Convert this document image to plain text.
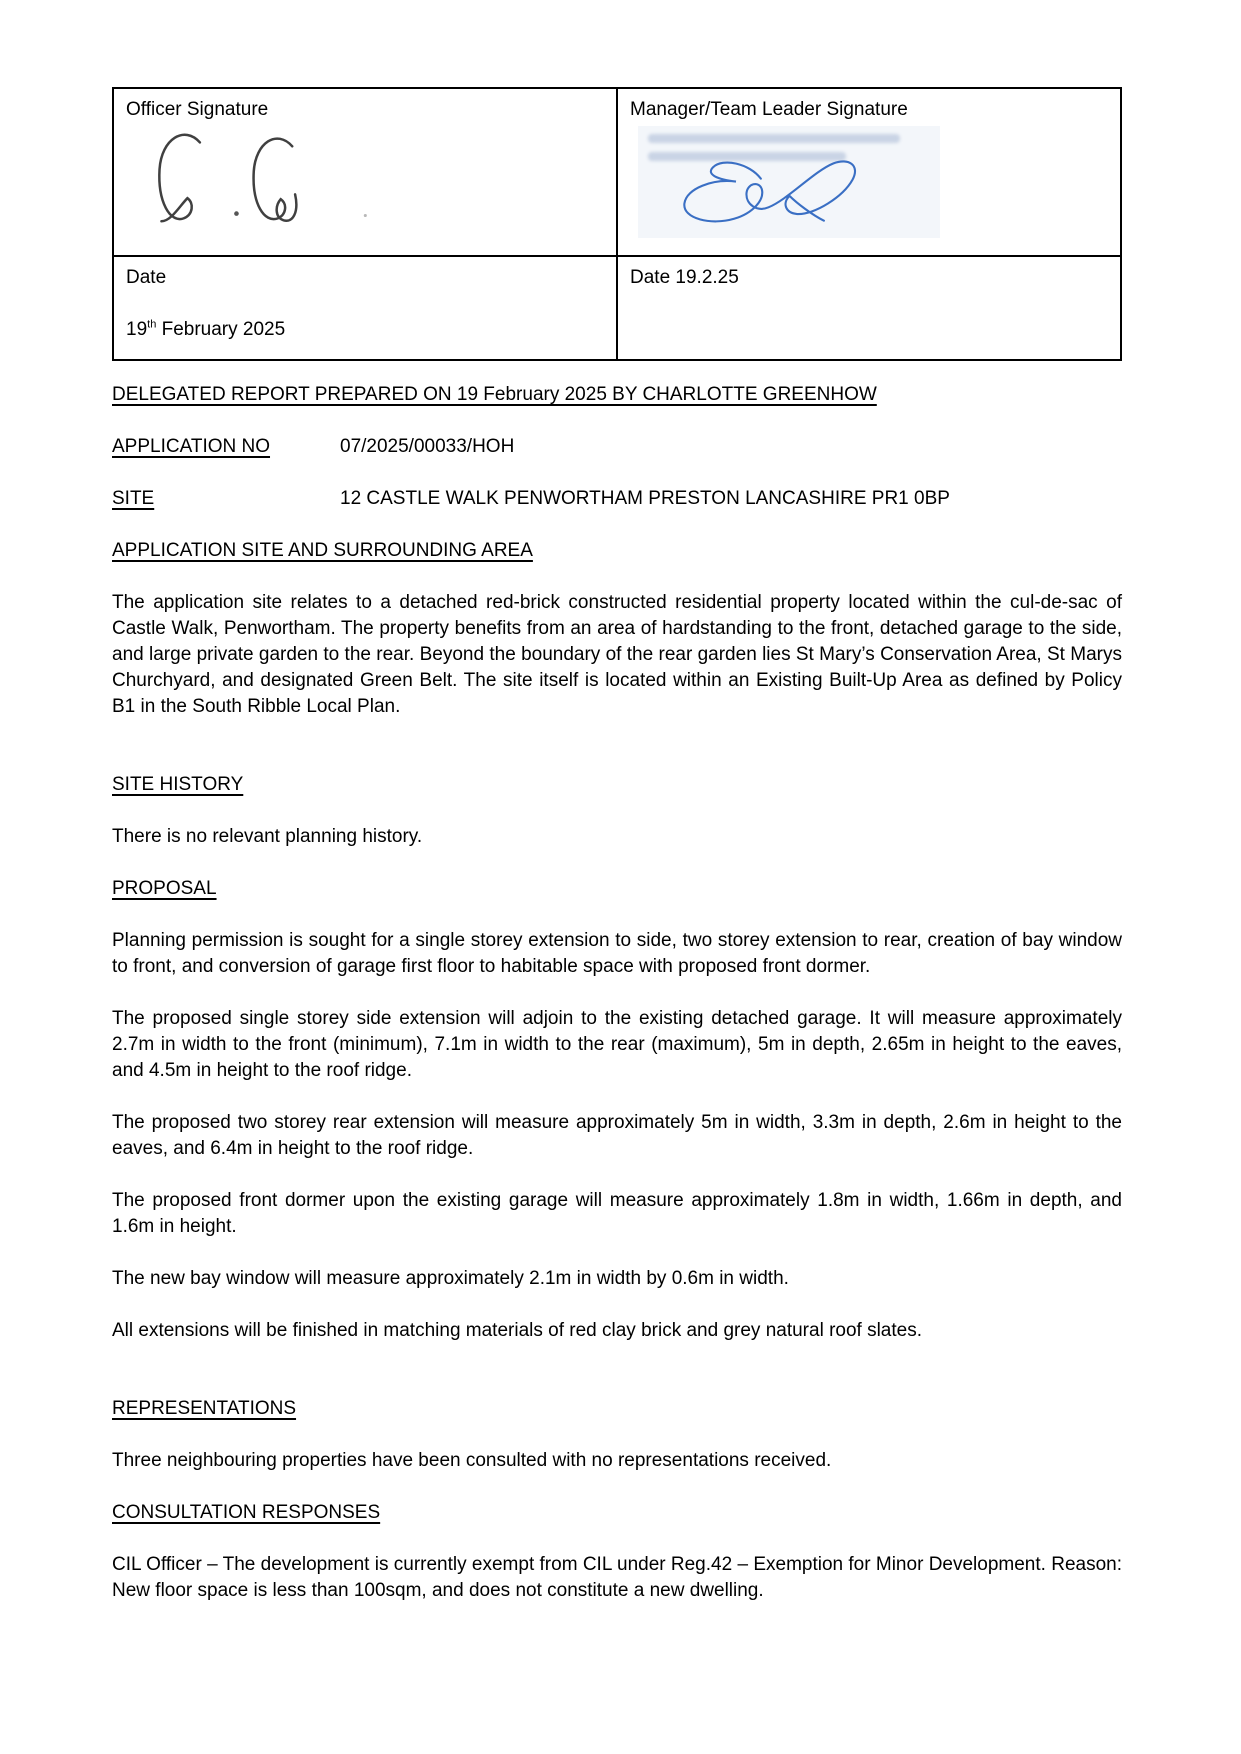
Officer Signature	Manager/Team Leader Signature

Date
19th February 2025	Date 19.2.25

DELEGATED REPORT PREPARED ON 19 February 2025 BY CHARLOTTE GREENHOW

APPLICATION NO	07/2025/00033/HOH

SITE	12 CASTLE WALK PENWORTHAM PRESTON LANCASHIRE PR1 0BP

APPLICATION SITE AND SURROUNDING AREA

The application site relates to a detached red-brick constructed residential property located within the cul-de-sac of Castle Walk, Penwortham. The property benefits from an area of hardstanding to the front, detached garage to the side, and large private garden to the rear. Beyond the boundary of the rear garden lies St Mary’s Conservation Area, St Marys Churchyard, and designated Green Belt. The site itself is located within an Existing Built-Up Area as defined by Policy B1 in the South Ribble Local Plan.

SITE HISTORY

There is no relevant planning history.

PROPOSAL

Planning permission is sought for a single storey extension to side, two storey extension to rear, creation of bay window to front, and conversion of garage first floor to habitable space with proposed front dormer.

The proposed single storey side extension will adjoin to the existing detached garage. It will measure approximately 2.7m in width to the front (minimum), 7.1m in width to the rear (maximum), 5m in depth, 2.65m in height to the eaves, and 4.5m in height to the roof ridge.

The proposed two storey rear extension will measure approximately 5m in width, 3.3m in depth, 2.6m in height to the eaves, and 6.4m in height to the roof ridge.

The proposed front dormer upon the existing garage will measure approximately 1.8m in width, 1.66m in depth, and 1.6m in height.

The new bay window will measure approximately 2.1m in width by 0.6m in width.

All extensions will be finished in matching materials of red clay brick and grey natural roof slates.

REPRESENTATIONS

Three neighbouring properties have been consulted with no representations received.

CONSULTATION RESPONSES

CIL Officer – The development is currently exempt from CIL under Reg.42 – Exemption for Minor Development. Reason: New floor space is less than 100sqm, and does not constitute a new dwelling.
